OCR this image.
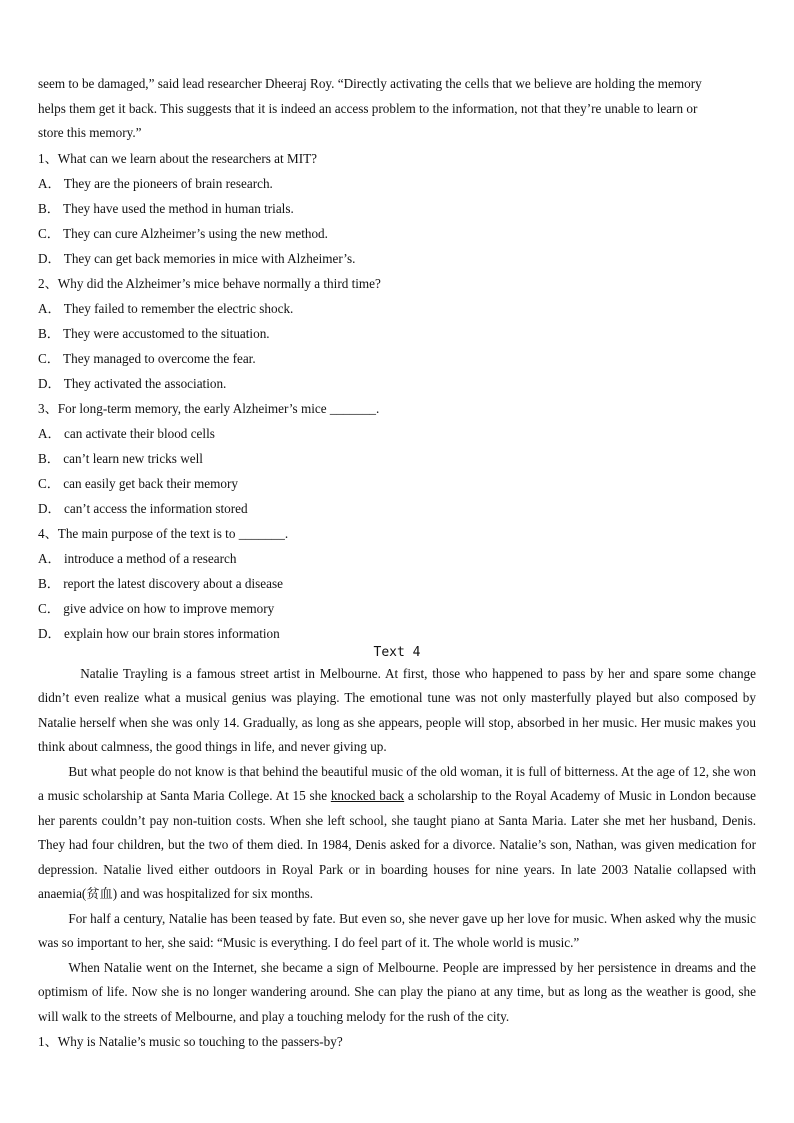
seem to be damaged,” said lead researcher Dheeraj Roy. “Directly activating the cells that we believe are holding the memory
helps them get it back. This suggests that it is indeed an access problem to the information, not that they’re unable to learn or
store this memory.”
1、What can we learn about the researchers at MIT?
A． They are the pioneers of brain research.
B． They have used the method in human trials.
C． They can cure Alzheimer’s using the new method.
D． They can get back memories in mice with Alzheimer’s.
2、Why did the Alzheimer’s mice behave normally a third time?
A． They failed to remember the electric shock.
B． They were accustomed to the situation.
C． They managed to overcome the fear.
D． They activated the association.
3、For long-term memory, the early Alzheimer’s mice _______.
A． can activate their blood cells
B． can’t learn new tricks well
C． can easily get back their memory
D． can’t access the information stored
4、The main purpose of the text is to _______.
A． introduce a method of a research
B． report the latest discovery about a disease
C． give advice on how to improve memory
D． explain how our brain stores information
Text 4

Natalie Trayling is a famous street artist in Melbourne. At first, those who happened to pass by her and spare some change didn’t even realize what a musical genius was playing. The emotional tune was not only masterfully played but also composed by Natalie herself when she was only 14. Gradually, as long as she appears, people will stop, absorbed in her music. Her music makes you think about calmness, the good things in life, and never giving up.

But what people do not know is that behind the beautiful music of the old woman, it is full of bitterness. At the age of 12, she won a music scholarship at Santa Maria College. At 15 she knocked back a scholarship to the Royal Academy of Music in London because her parents couldn’t pay non-tuition costs. When she left school, she taught piano at Santa Maria. Later she met her husband, Denis. They had four children, but the two of them died. In 1984, Denis asked for a divorce. Natalie’s son, Nathan, was given medication for depression. Natalie lived either outdoors in Royal Park or in boarding houses for nine years. In late 2003 Natalie collapsed with anaemia(贫血) and was hospitalized for six months.

For half a century, Natalie has been teased by fate. But even so, she never gave up her love for music. When asked why the music was so important to her, she said: “Music is everything. I do feel part of it. The whole world is music.”

When Natalie went on the Internet, she became a sign of Melbourne. People are impressed by her persistence in dreams and the optimism of life. Now she is no longer wandering around. She can play the piano at any time, but as long as the weather is good, she will walk to the streets of Melbourne, and play a touching melody for the rush of the city.

1、Why is Natalie’s music so touching to the passers-by?
